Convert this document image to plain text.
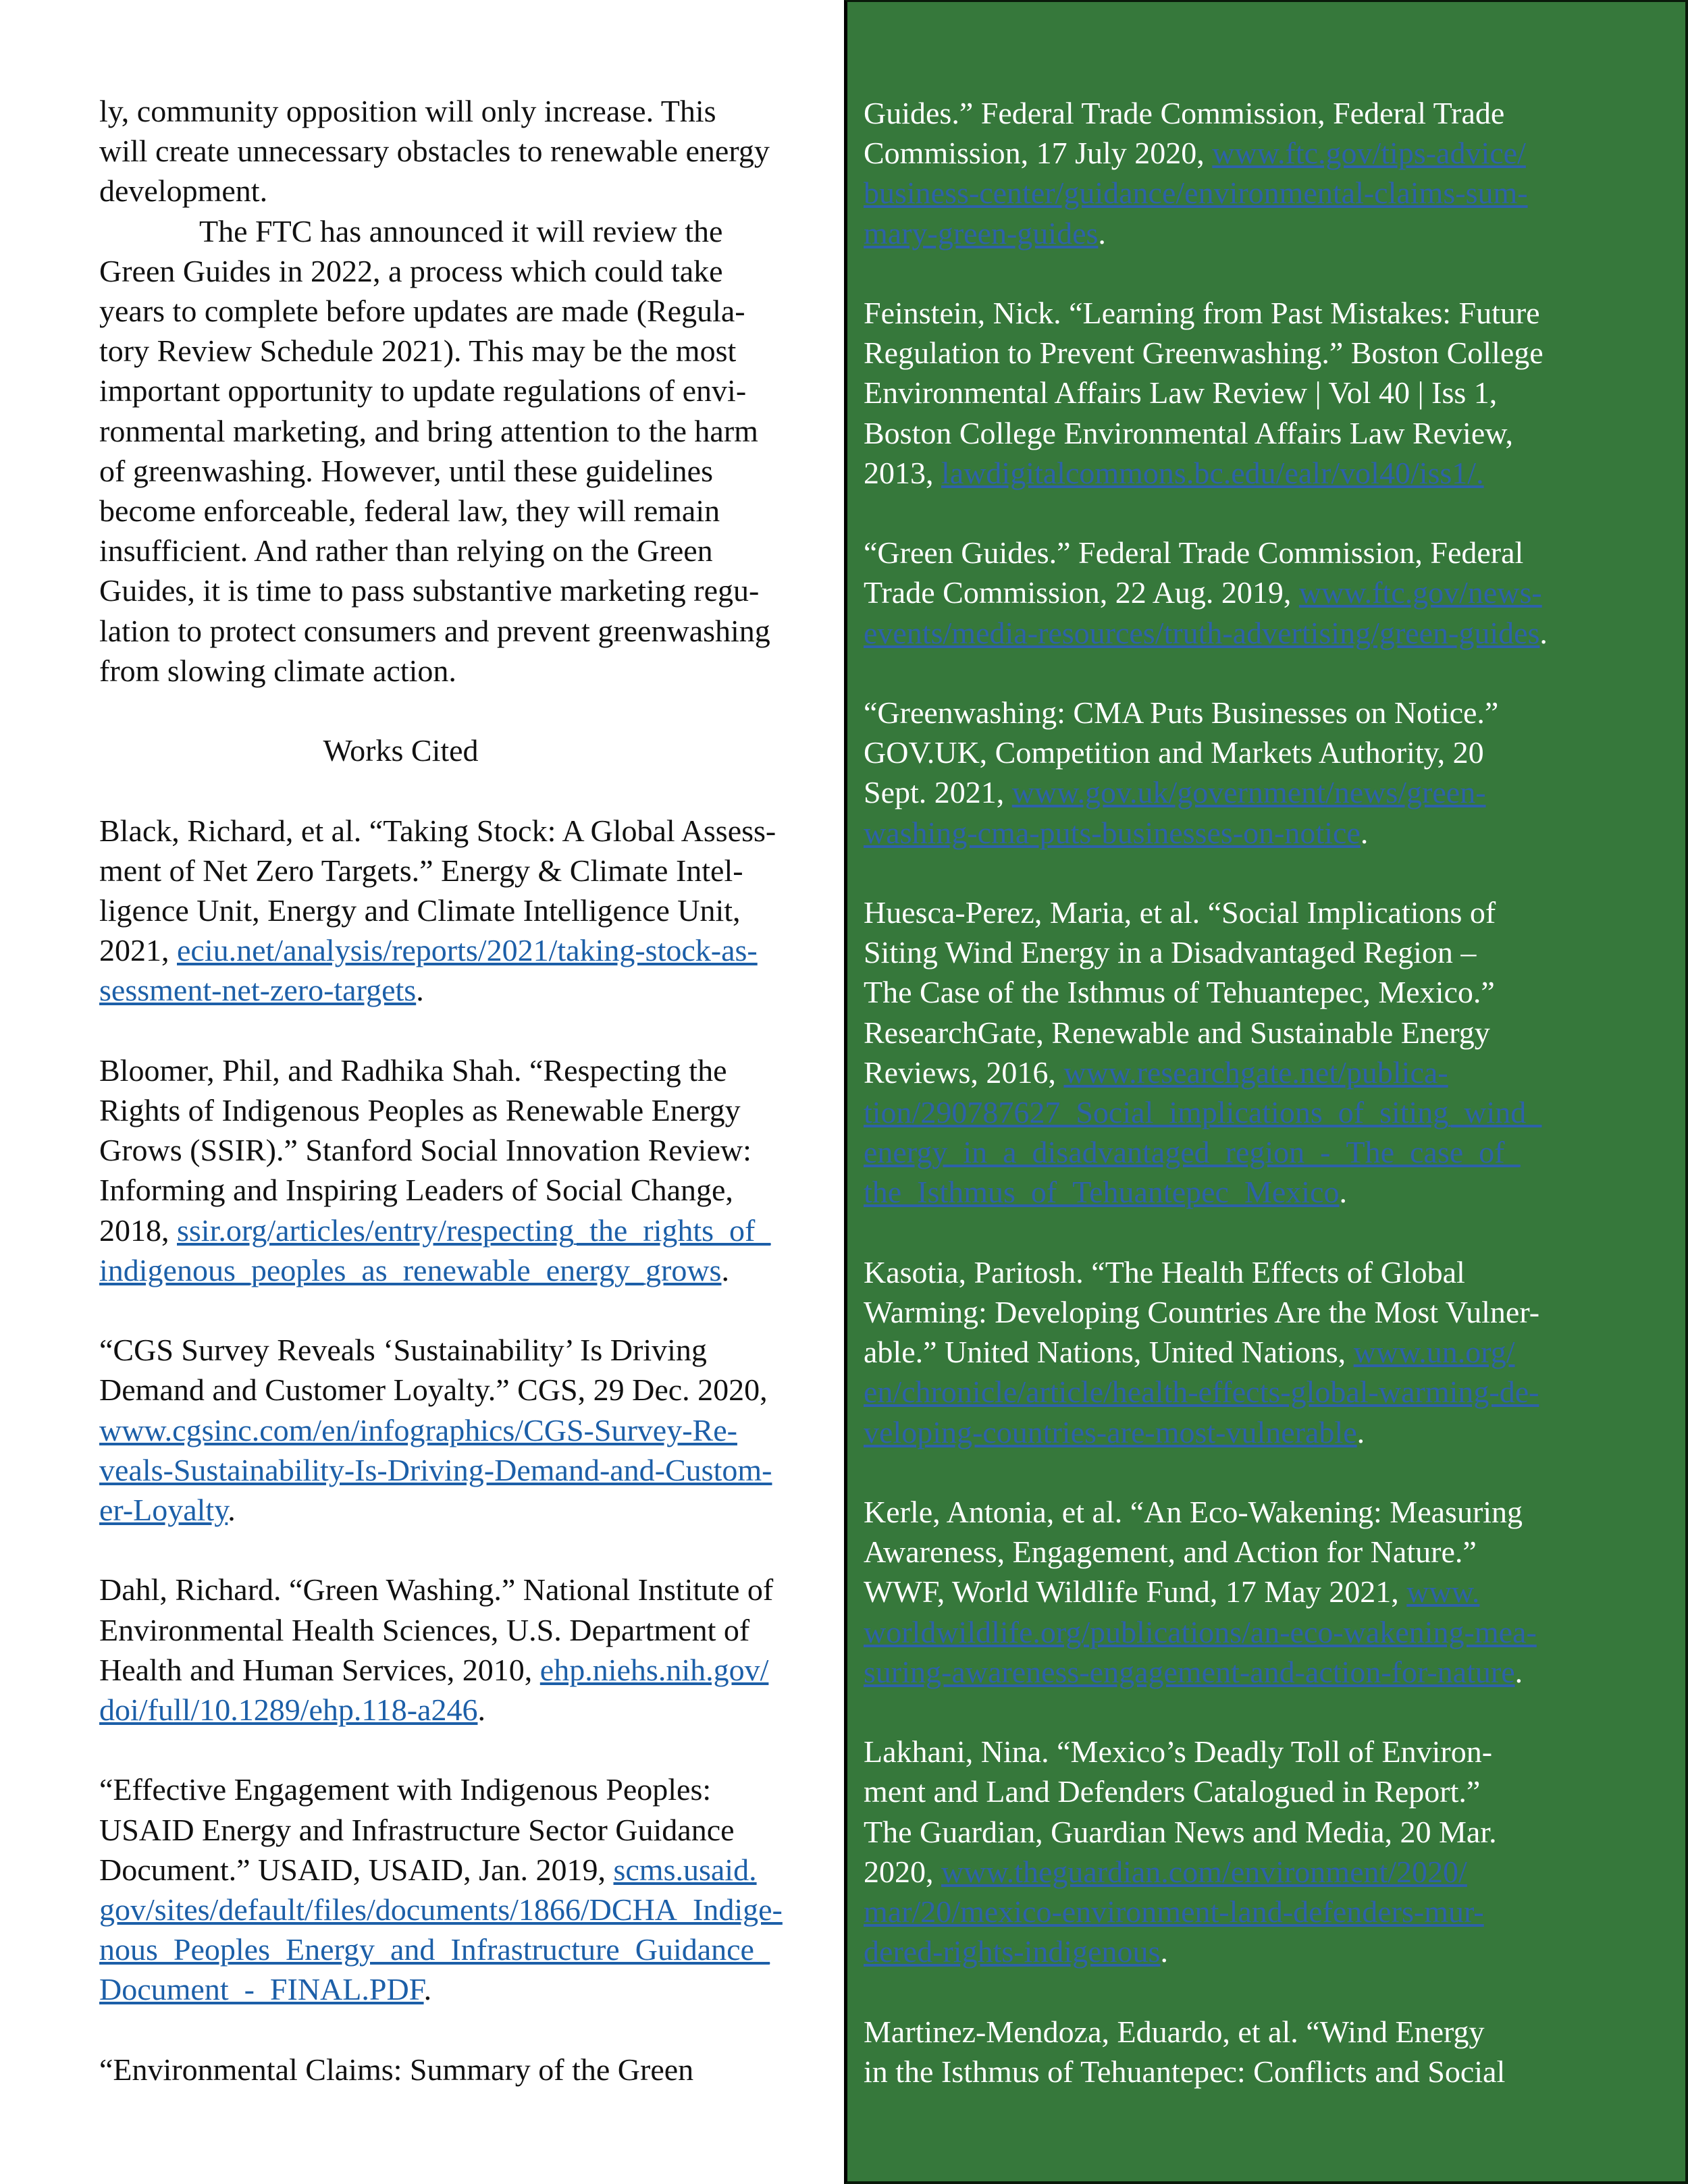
ly, community opposition will only increase. This
will create unnecessary obstacles to renewable energy
development.

The FTC has announced it will review the
Green Guides in 2022, a process which could take
years to complete before updates are made (Regula-
tory Review Schedule 2021). This may be the most
important opportunity to update regulations of envi-
ronmental marketing, and bring attention to the harm
of greenwashing. However, until these guidelines
become enforceable, federal law, they will remain
insufficient. And rather than relying on the Green
Guides, it is time to pass substantive marketing regu-
lation to protect consumers and prevent greenwashing
from slowing climate action.

Works Cited

Black, Richard, et al. “Taking Stock: A Global Assess-
ment of Net Zero Targets.” Energy & Climate Intel-
ligence Unit, Energy and Climate Intelligence Unit,
2021, eciu.net/analysis/reports/2021/taking-stock-as-
sessment-net-zero-targets.

Bloomer, Phil, and Radhika Shah. “Respecting the
Rights of Indigenous Peoples as Renewable Energy
Grows (SSIR).” Stanford Social Innovation Review:
Informing and Inspiring Leaders of Social Change,
2018, ssir.org/articles/entry/respecting_the_rights_of_
indigenous_peoples_as_renewable_energy_grows.

“CGS Survey Reveals ‘Sustainability’ Is Driving
Demand and Customer Loyalty.” CGS, 29 Dec. 2020,
www.cgsinc.com/en/infographics/CGS-Survey-Re-
veals-Sustainability-Is-Driving-Demand-and-Custom-
er-Loyalty.

Dahl, Richard. “Green Washing.” National Institute of
Environmental Health Sciences, U.S. Department of
Health and Human Services, 2010, ehp.niehs.nih.gov/
doi/full/10.1289/ehp.118-a246.

“Effective Engagement with Indigenous Peoples:
USAID Energy and Infrastructure Sector Guidance
Document.” USAID, USAID, Jan. 2019, scms.usaid.
gov/sites/default/files/documents/1866/DCHA_Indige-
nous_Peoples_Energy_and_Infrastructure_Guidance_
Document_-_FINAL.PDF.

“Environmental Claims: Summary of the Green

Guides.” Federal Trade Commission, Federal Trade
Commission, 17 July 2020, www.ftc.gov/tips-advice/
business-center/guidance/environmental-claims-sum-
mary-green-guides.

Feinstein, Nick. “Learning from Past Mistakes: Future
Regulation to Prevent Greenwashing.” Boston College
Environmental Affairs Law Review | Vol 40 | Iss 1,
Boston College Environmental Affairs Law Review,
2013, lawdigitalcommons.bc.edu/ealr/vol40/iss1/.

“Green Guides.” Federal Trade Commission, Federal
Trade Commission, 22 Aug. 2019, www.ftc.gov/news-
events/media-resources/truth-advertising/green-guides.

“Greenwashing: CMA Puts Businesses on Notice.”
GOV.UK, Competition and Markets Authority, 20
Sept. 2021, www.gov.uk/government/news/green-
washing-cma-puts-businesses-on-notice.

Huesca-Perez, Maria, et al. “Social Implications of
Siting Wind Energy in a Disadvantaged Region –
The Case of the Isthmus of Tehuantepec, Mexico.”
ResearchGate, Renewable and Sustainable Energy
Reviews, 2016, www.researchgate.net/publica-
tion/290787627_Social_implications_of_siting_wind_
energy_in_a_disadvantaged_region_-_The_case_of_
the_Isthmus_of_Tehuantepec_Mexico.

Kasotia, Paritosh. “The Health Effects of Global
Warming: Developing Countries Are the Most Vulner-
able.” United Nations, United Nations, www.un.org/
en/chronicle/article/health-effects-global-warming-de-
veloping-countries-are-most-vulnerable.

Kerle, Antonia, et al. “An Eco-Wakening: Measuring
Awareness, Engagement, and Action for Nature.”
WWF, World Wildlife Fund, 17 May 2021, www.
worldwildlife.org/publications/an-eco-wakening-mea-
suring-awareness-engagement-and-action-for-nature.

Lakhani, Nina. “Mexico’s Deadly Toll of Environ-
ment and Land Defenders Catalogued in Report.”
The Guardian, Guardian News and Media, 20 Mar.
2020, www.theguardian.com/environment/2020/
mar/20/mexico-environment-land-defenders-mur-
dered-rights-indigenous.

Martinez-Mendoza, Eduardo, et al. “Wind Energy
in the Isthmus of Tehuantepec: Conflicts and Social
